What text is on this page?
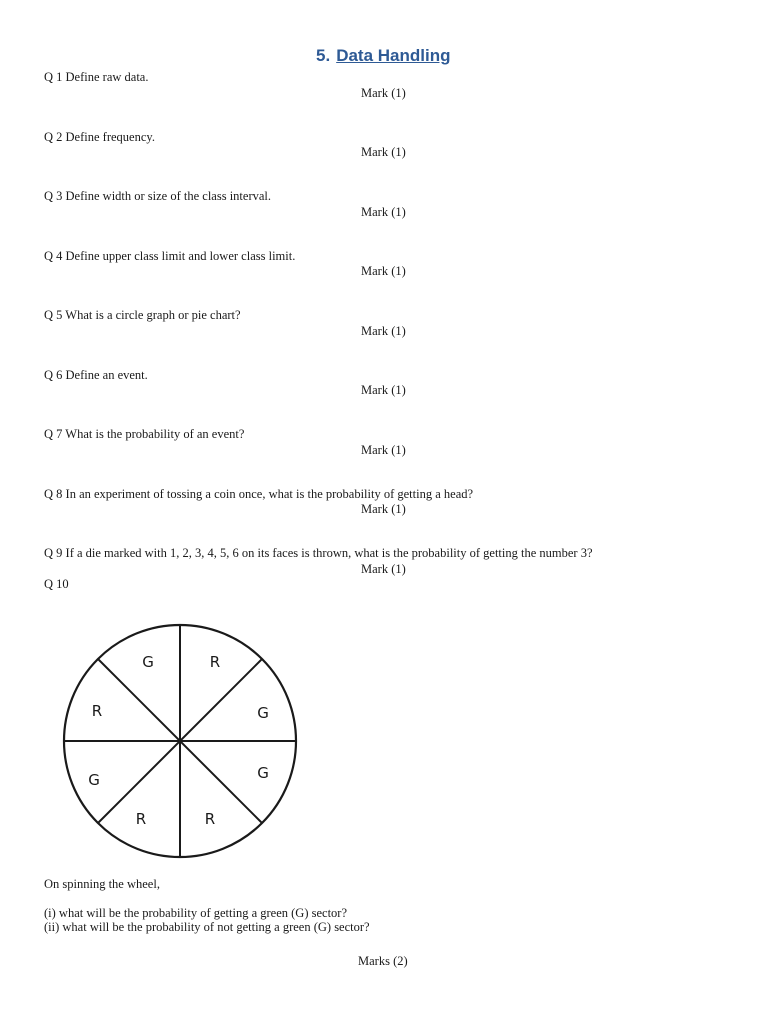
5. Data Handling
Q 1 Define raw data.
Mark (1)
Q 2 Define frequency.
Mark (1)
Q 3 Define width or size of the class interval.
Mark (1)
Q 4 Define upper class limit and lower class limit.
Mark (1)
Q 5 What is a circle graph or pie chart?
Mark (1)
Q 6 Define an event.
Mark (1)
Q 7 What is the probability of an event?
Mark (1)
Q 8 In an experiment of tossing a coin once, what is the probability of getting a head?
Mark (1)
Q 9 If a die marked with 1, 2, 3, 4, 5, 6 on its faces is thrown, what is the probability of getting the number 3?
Mark (1)
Q 10
G	R
G
G
R
R
G
R
On spinning the wheel,
(i) what will be the probability of getting a green (G) sector?
(ii) what will be the probability of not getting a green (G) sector?
Marks (2)
